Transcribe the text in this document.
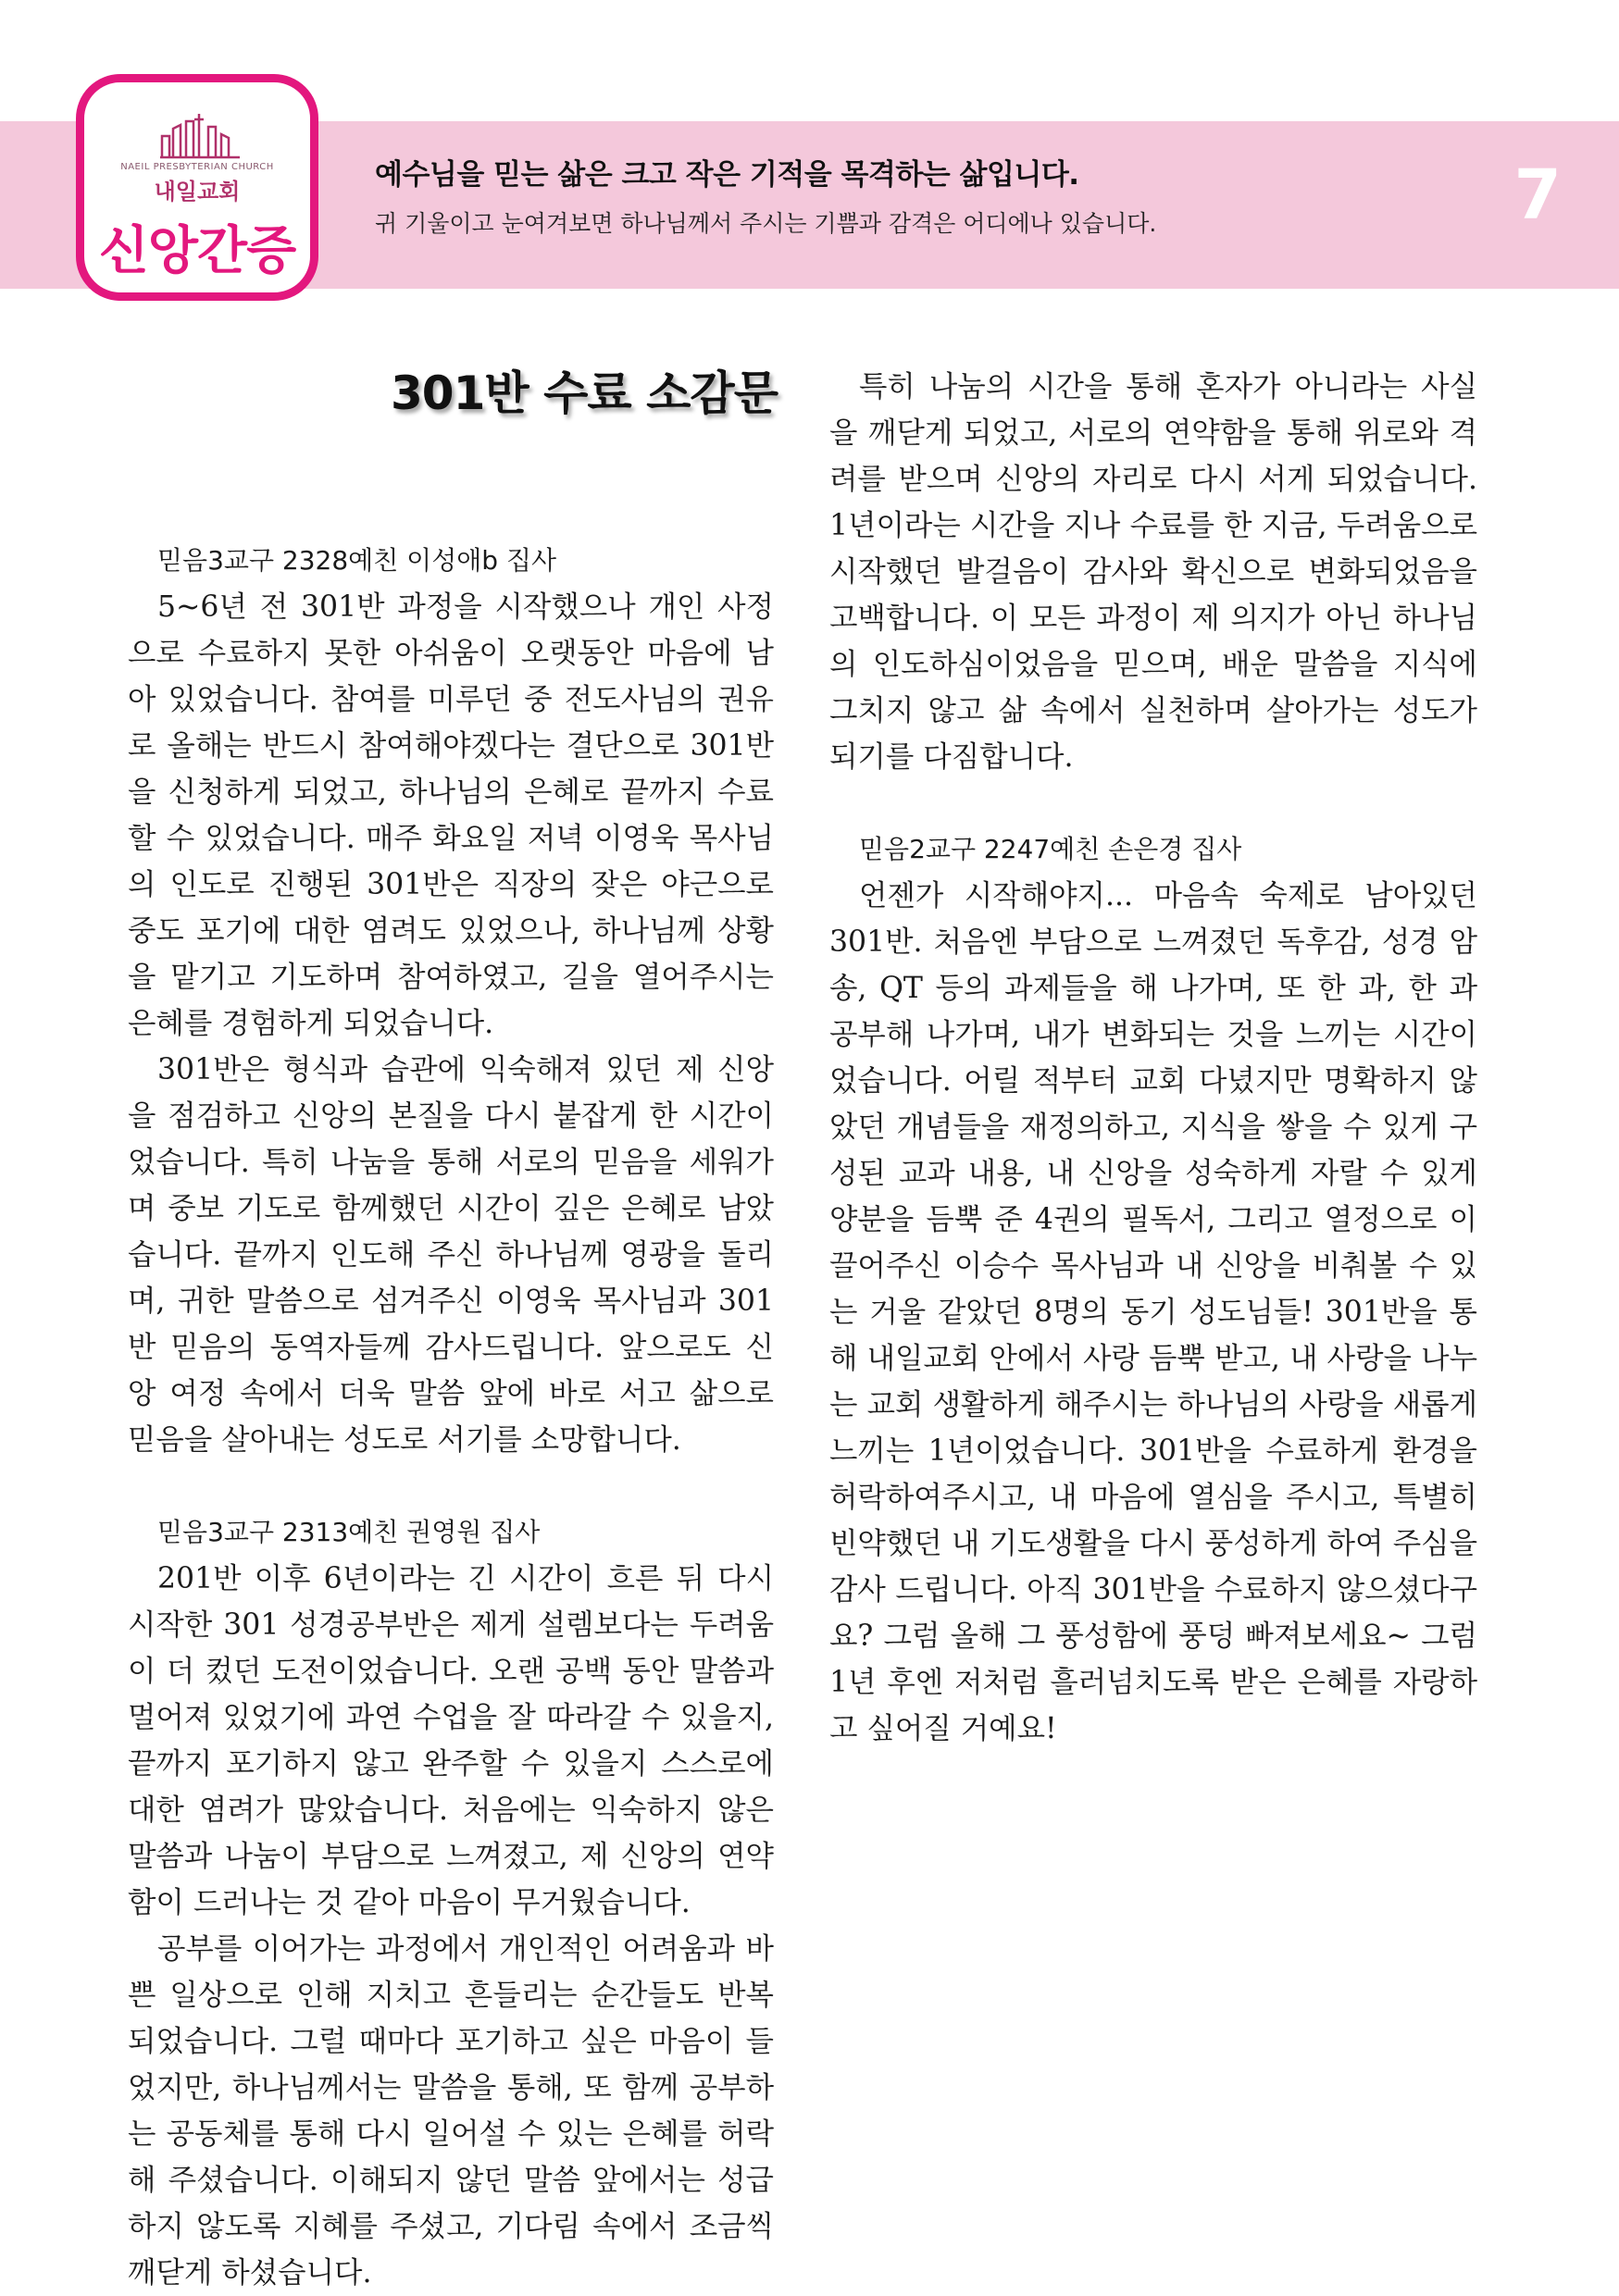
NAEIL PRESBYTERIAN CHURCH
내일교회
신앙간증
예수님을 믿는 삶은 크고 작은 기적을 목격하는 삶입니다.
귀 기울이고 눈여겨보면 하나님께서 주시는 기쁨과 감격은 어디에나 있습니다.	7
301반 수료 소감문

믿음3교구 2328예친 이성애b 집사

5~6년 전 301반 과정을 시작했으나 개인 사정으로 수료하지 못한 아쉬움이 오랫동안 마음에 남아 있었습니다. 참여를 미루던 중 전도사님의 권유로 올해는 반드시 참여해야겠다는 결단으로 301반을 신청하게 되었고, 하나님의 은혜로 끝까지 수료할 수 있었습니다. 매주 화요일 저녁 이영욱 목사님의 인도로 진행된 301반은 직장의 잦은 야근으로 중도 포기에 대한 염려도 있었으나, 하나님께 상황을 맡기고 기도하며 참여하였고, 길을 열어주시는 은혜를 경험하게 되었습니다.

301반은 형식과 습관에 익숙해져 있던 제 신앙을 점검하고 신앙의 본질을 다시 붙잡게 한 시간이었습니다. 특히 나눔을 통해 서로의 믿음을 세워가며 중보 기도로 함께했던 시간이 깊은 은혜로 남았습니다. 끝까지 인도해 주신 하나님께 영광을 돌리며, 귀한 말씀으로 섬겨주신 이영욱 목사님과 301반 믿음의 동역자들께 감사드립니다. 앞으로도 신앙 여정 속에서 더욱 말씀 앞에 바로 서고 삶으로 믿음을 살아내는 성도로 서기를 소망합니다.

믿음3교구 2313예친 권영원 집사

201반 이후 6년이라는 긴 시간이 흐른 뒤 다시 시작한 301 성경공부반은 제게 설렘보다는 두려움이 더 컸던 도전이었습니다. 오랜 공백 동안 말씀과 멀어져 있었기에 과연 수업을 잘 따라갈 수 있을지, 끝까지 포기하지 않고 완주할 수 있을지 스스로에 대한 염려가 많았습니다. 처음에는 익숙하지 않은 말씀과 나눔이 부담으로 느껴졌고, 제 신앙의 연약함이 드러나는 것 같아 마음이 무거웠습니다.

공부를 이어가는 과정에서 개인적인 어려움과 바쁜 일상으로 인해 지치고 흔들리는 순간들도 반복되었습니다. 그럴 때마다 포기하고 싶은 마음이 들었지만, 하나님께서는 말씀을 통해, 또 함께 공부하는 공동체를 통해 다시 일어설 수 있는 은혜를 허락해 주셨습니다. 이해되지 않던 말씀 앞에서는 성급하지 않도록 지혜를 주셨고, 기다림 속에서 조금씩 깨닫게 하셨습니다.

특히 나눔의 시간을 통해 혼자가 아니라는 사실을 깨닫게 되었고, 서로의 연약함을 통해 위로와 격려를 받으며 신앙의 자리로 다시 서게 되었습니다. 1년이라는 시간을 지나 수료를 한 지금, 두려움으로 시작했던 발걸음이 감사와 확신으로 변화되었음을 고백합니다. 이 모든 과정이 제 의지가 아닌 하나님의 인도하심이었음을 믿으며, 배운 말씀을 지식에 그치지 않고 삶 속에서 실천하며 살아가는 성도가 되기를 다짐합니다.

믿음2교구 2247예친 손은경 집사

언젠가 시작해야지... 마음속 숙제로 남아있던 301반. 처음엔 부담으로 느껴졌던 독후감, 성경 암송, QT 등의 과제들을 해 나가며, 또 한 과, 한 과 공부해 나가며, 내가 변화되는 것을 느끼는 시간이었습니다. 어릴 적부터 교회 다녔지만 명확하지 않았던 개념들을 재정의하고, 지식을 쌓을 수 있게 구성된 교과 내용, 내 신앙을 성숙하게 자랄 수 있게 양분을 듬뿍 준 4권의 필독서, 그리고 열정으로 이끌어주신 이승수 목사님과 내 신앙을 비춰볼 수 있는 거울 같았던 8명의 동기 성도님들! 301반을 통해 내일교회 안에서 사랑 듬뿍 받고, 내 사랑을 나누는 교회 생활하게 해주시는 하나님의 사랑을 새롭게 느끼는 1년이었습니다. 301반을 수료하게 환경을 허락하여주시고, 내 마음에 열심을 주시고, 특별히 빈약했던 내 기도생활을 다시 풍성하게 하여 주심을 감사 드립니다. 아직 301반을 수료하지 않으셨다구요? 그럼 올해 그 풍성함에 풍덩 빠져보세요~ 그럼 1년 후엔 저처럼 흘러넘치도록 받은 은혜를 자랑하고 싶어질 거예요!
